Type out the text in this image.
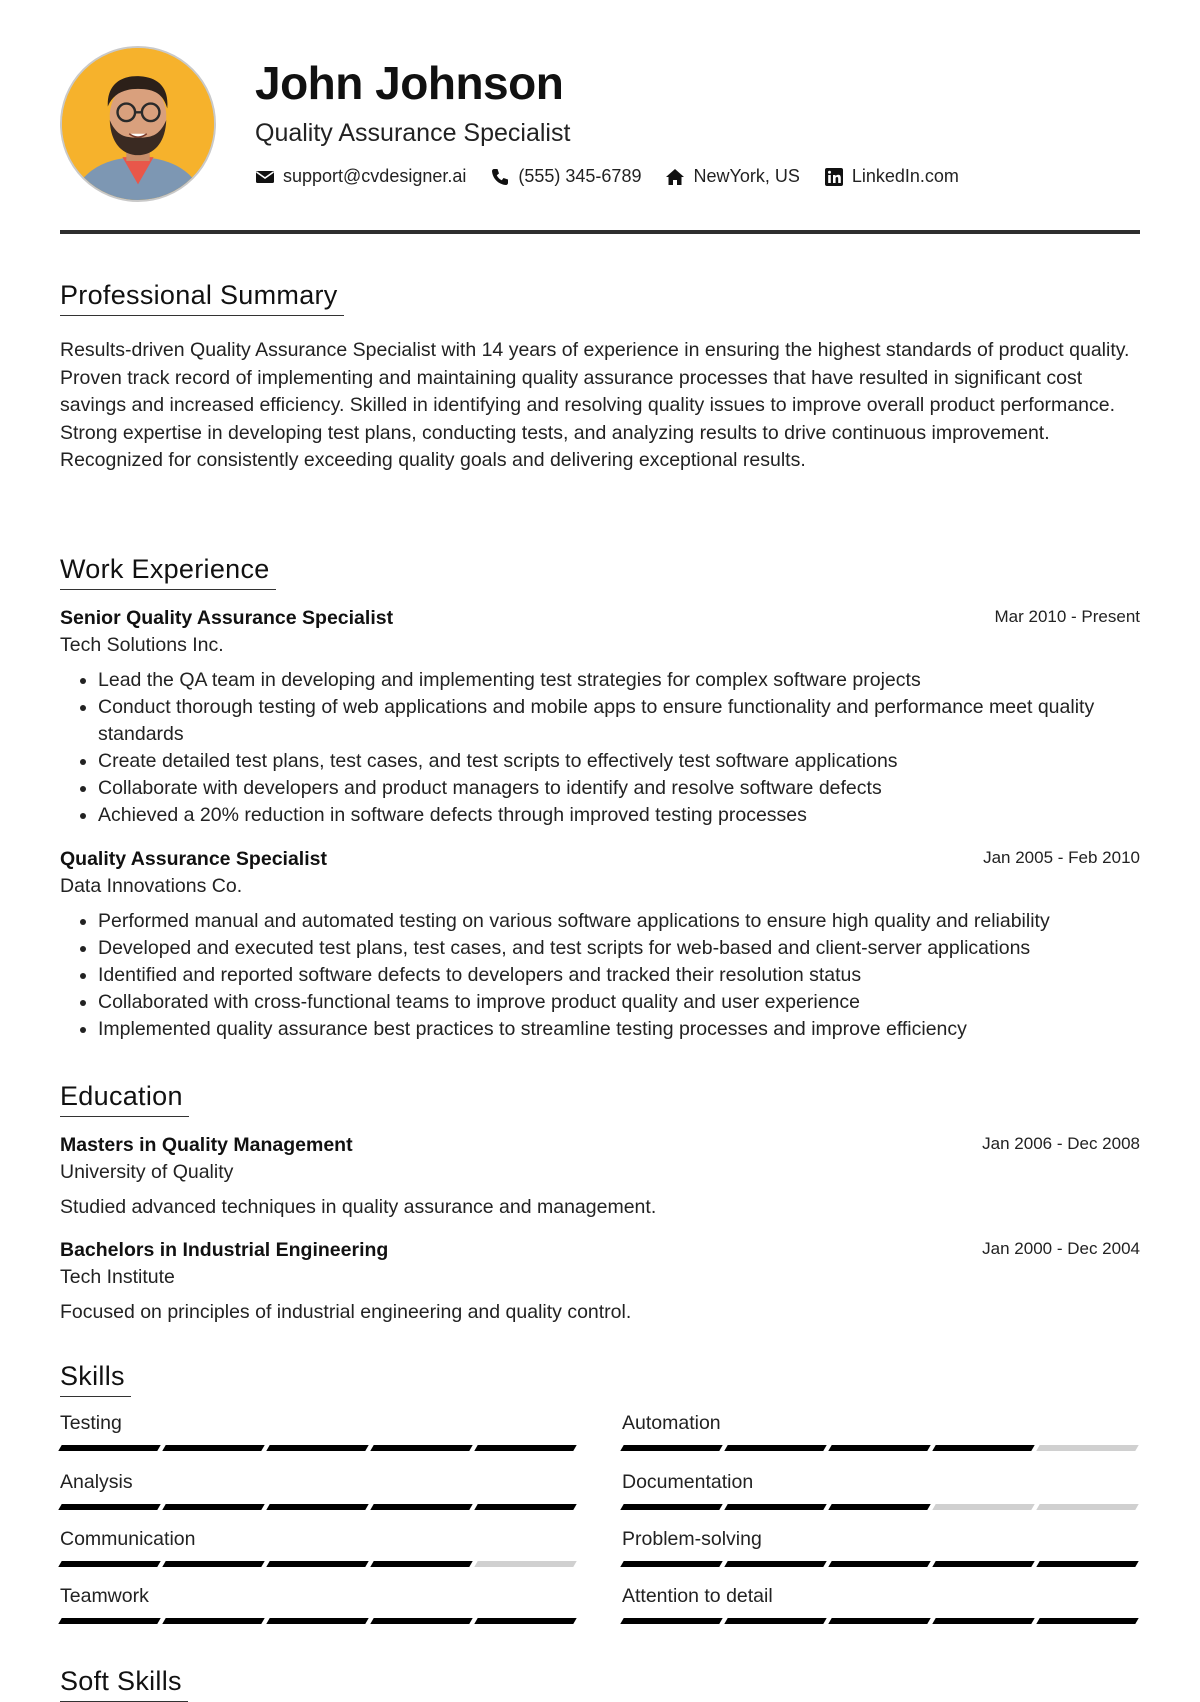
John Johnson
Quality Assurance Specialist
support@cvdesigner.ai	(555) 345-6789	NewYork, US	LinkedIn.com
Professional Summary

Results-driven Quality Assurance Specialist with 14 years of experience in ensuring the highest standards of product quality. Proven track record of implementing and maintaining quality assurance processes that have resulted in significant cost savings and increased efficiency. Skilled in identifying and resolving quality issues to improve overall product performance. Strong expertise in developing test plans, conducting tests, and analyzing results to drive continuous improvement. Recognized for consistently exceeding quality goals and delivering exceptional results.

Work Experience
Senior Quality Assurance Specialist	Mar 2010 - Present
Tech Solutions Inc.
• Lead the QA team in developing and implementing test strategies for complex software projects
• Conduct thorough testing of web applications and mobile apps to ensure functionality and performance meet quality standards
• Create detailed test plans, test cases, and test scripts to effectively test software applications
• Collaborate with developers and product managers to identify and resolve software defects
• Achieved a 20% reduction in software defects through improved testing processes
Quality Assurance Specialist	Jan 2005 - Feb 2010
Data Innovations Co.
• Performed manual and automated testing on various software applications to ensure high quality and reliability
• Developed and executed test plans, test cases, and test scripts for web-based and client-server applications
• Identified and reported software defects to developers and tracked their resolution status
• Collaborated with cross-functional teams to improve product quality and user experience
• Implemented quality assurance best practices to streamline testing processes and improve efficiency
Education
Masters in Quality Management	Jan 2006 - Dec 2008
University of Quality
Studied advanced techniques in quality assurance and management.
Bachelors in Industrial Engineering	Jan 2000 - Dec 2004
Tech Institute
Focused on principles of industrial engineering and quality control.
Skills
Testing	Automation
Analysis	Documentation
Communication	Problem-solving
Teamwork	Attention to detail
Soft Skills
